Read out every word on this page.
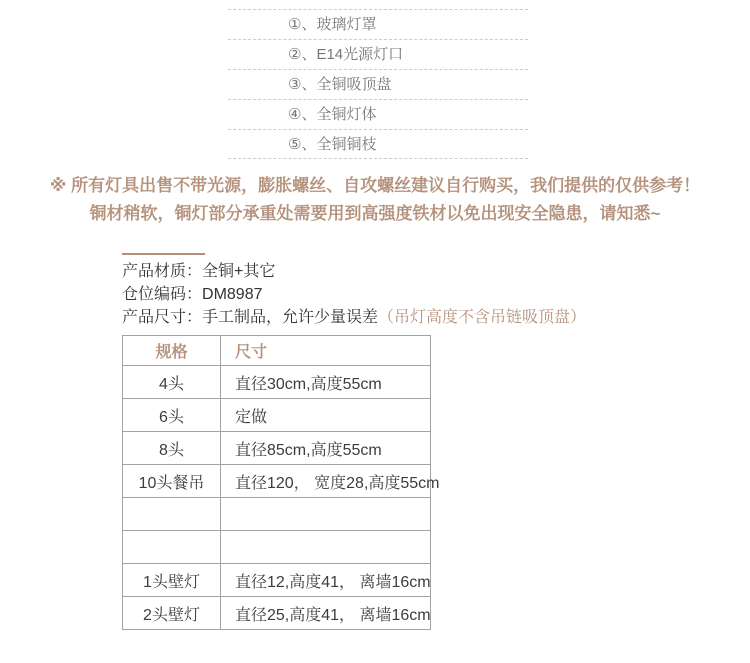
①、玻璃灯罩
②、E14光源灯口
③、全铜吸顶盘
④、全铜灯体
⑤、全铜铜枝
※ 所有灯具出售不带光源，膨胀螺丝、自攻螺丝建议自行购买，我们提供的仅供参考！
铜材稍软，铜灯部分承重处需要用到高强度铁材以免出现安全隐患，请知悉~
产品材质：全铜+其它
仓位编码：DM8987
产品尺寸：手工制品，允许少量误差（吊灯高度不含吊链吸顶盘）
规格	尺寸
4头	直径30cm,高度55cm
6头	定做
8头	直径85cm,高度55cm
10头餐吊	直径120， 宽度28,高度55cm

1头壁灯	直径12,高度41， 离墙16cm
2头壁灯	直径25,高度41， 离墙16cm
